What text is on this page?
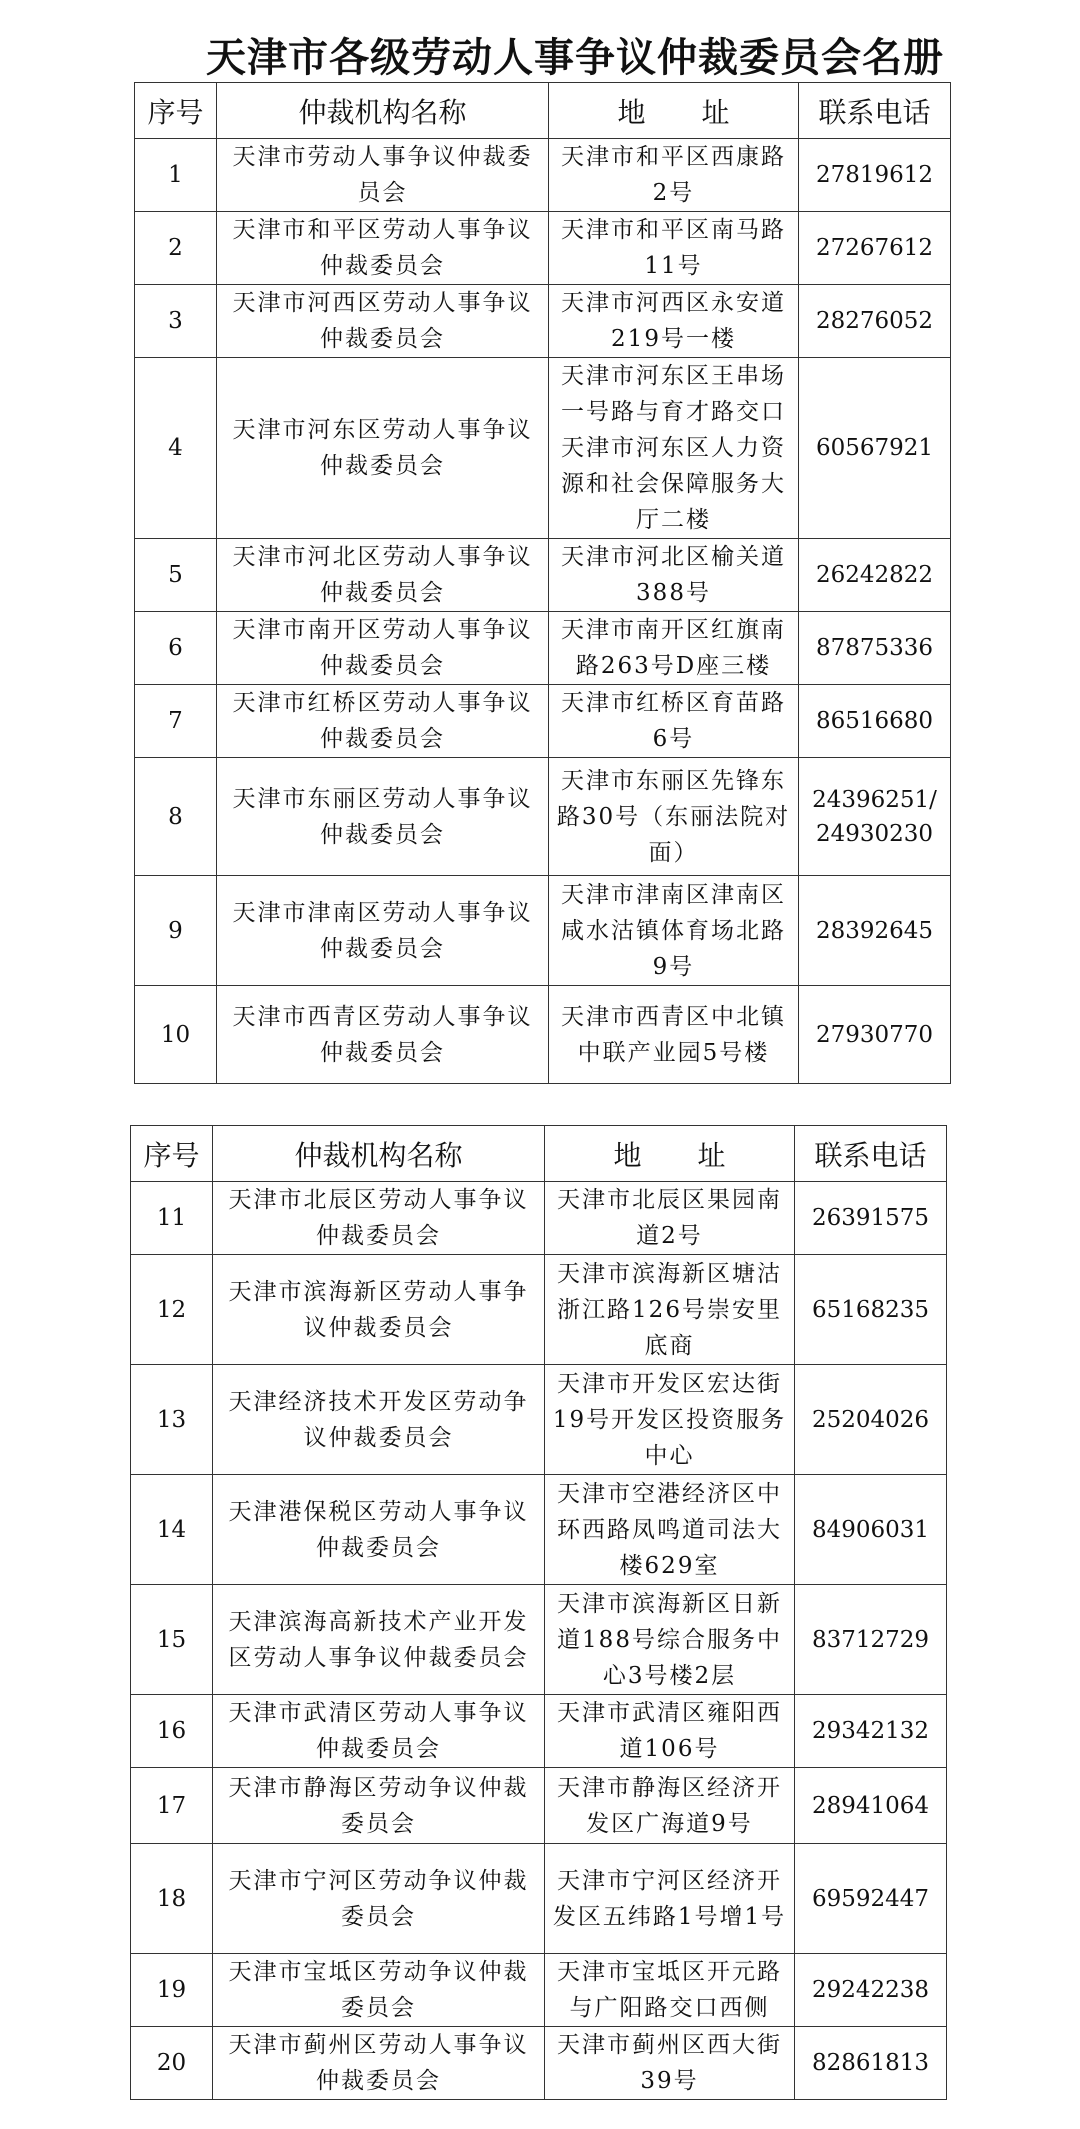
天津市各级劳动人事争议仲裁委员会名册
序号	仲裁机构名称	地　　址	联系电话
1	天津市劳动人事争议仲裁委员会	天津市和平区西康路2号	27819612
2	天津市和平区劳动人事争议仲裁委员会	天津市和平区南马路11号	27267612
3	天津市河西区劳动人事争议仲裁委员会	天津市河西区永安道219号一楼	28276052
4	天津市河东区劳动人事争议仲裁委员会	天津市河东区王串场一号路与育才路交口天津市河东区人力资源和社会保障服务大厅二楼	60567921
5	天津市河北区劳动人事争议仲裁委员会	天津市河北区榆关道388号	26242822
6	天津市南开区劳动人事争议仲裁委员会	天津市南开区红旗南路263号D座三楼	87875336
7	天津市红桥区劳动人事争议仲裁委员会	天津市红桥区育苗路6号	86516680
8	天津市东丽区劳动人事争议仲裁委员会	天津市东丽区先锋东路30号（东丽法院对面）	24396251/24930230
9	天津市津南区劳动人事争议仲裁委员会	天津市津南区津南区咸水沽镇体育场北路9号	28392645
10	天津市西青区劳动人事争议仲裁委员会	天津市西青区中北镇中联产业园5号楼	27930770
序号	仲裁机构名称	地　　址	联系电话
11	天津市北辰区劳动人事争议仲裁委员会	天津市北辰区果园南道2号	26391575
12	天津市滨海新区劳动人事争议仲裁委员会	天津市滨海新区塘沽浙江路126号崇安里底商	65168235
13	天津经济技术开发区劳动争议仲裁委员会	天津市开发区宏达街19号开发区投资服务中心	25204026
14	天津港保税区劳动人事争议仲裁委员会	天津市空港经济区中环西路凤鸣道司法大楼629室	84906031
15	天津滨海高新技术产业开发区劳动人事争议仲裁委员会	天津市滨海新区日新道188号综合服务中心3号楼2层	83712729
16	天津市武清区劳动人事争议仲裁委员会	天津市武清区雍阳西道106号	29342132
17	天津市静海区劳动争议仲裁委员会	天津市静海区经济开发区广海道9号	28941064
18	天津市宁河区劳动争议仲裁委员会	天津市宁河区经济开发区五纬路1号增1号	69592447
19	天津市宝坻区劳动争议仲裁委员会	天津市宝坻区开元路与广阳路交口西侧	29242238
20	天津市蓟州区劳动人事争议仲裁委员会	天津市蓟州区西大街39号	82861813
